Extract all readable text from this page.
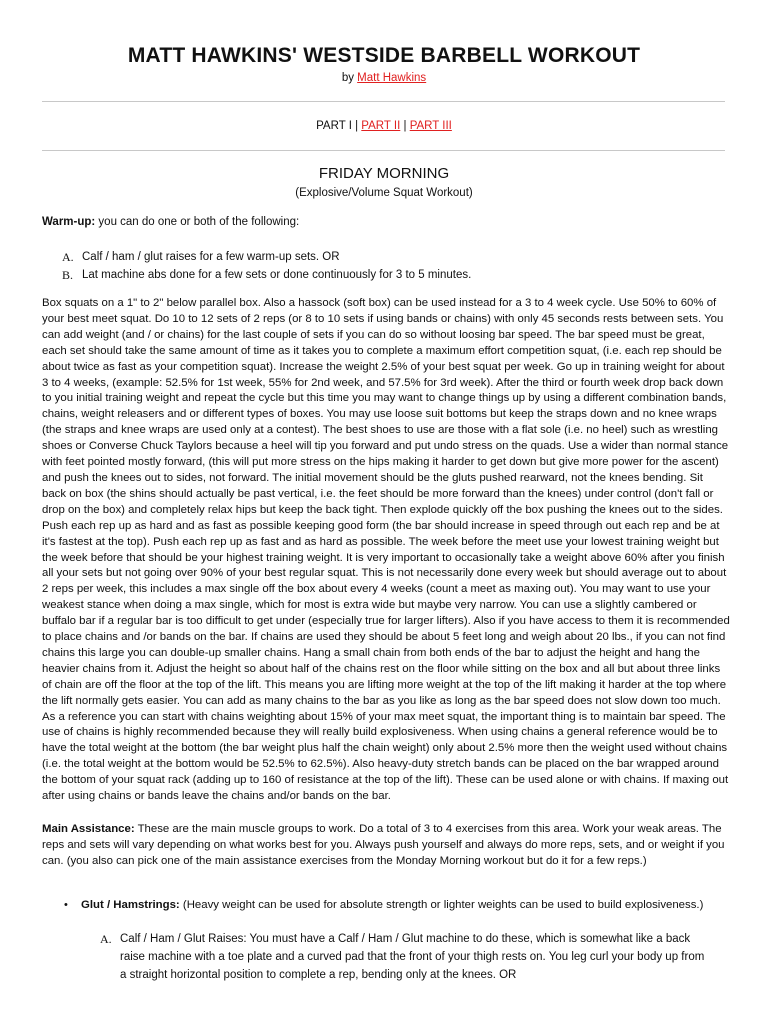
MATT HAWKINS' WESTSIDE BARBELL WORKOUT
by Matt Hawkins
PART I | PART II | PART III
FRIDAY MORNING
(Explosive/Volume Squat Workout)

Warm-up: you can do one or both of the following:

A. Calf / ham / glut raises for a few warm-up sets. OR
B. Lat machine abs done for a few sets or done continuously for 3 to 5 minutes.

Box squats on a 1" to 2" below parallel box. Also a hassock (soft box) can be used instead for a 3 to 4 week cycle. Use 50% to 60% of your best meet squat. Do 10 to 12 sets of 2 reps (or 8 to 10 sets if using bands or chains) with only 45 seconds rests between sets. You can add weight (and / or chains) for the last couple of sets if you can do so without loosing bar speed. The bar speed must be great, each set should take the same amount of time as it takes you to complete a maximum effort competition squat, (i.e. each rep should be about twice as fast as your competition squat). Increase the weight 2.5% of your best squat per week. Go up in training weight for about 3 to 4 weeks, (example: 52.5% for 1st week, 55% for 2nd week, and 57.5% for 3rd week). After the third or fourth week drop back down to you initial training weight and repeat the cycle but this time you may want to change things up by using a different combination bands, chains, weight releasers and or different types of boxes. You may use loose suit bottoms but keep the straps down and no knee wraps (the straps and knee wraps are used only at a contest). The best shoes to use are those with a flat sole (i.e. no heel) such as wrestling shoes or Converse Chuck Taylors because a heel will tip you forward and put undo stress on the quads. Use a wider than normal stance with feet pointed mostly forward, (this will put more stress on the hips making it harder to get down but give more power for the ascent) and push the knees out to sides, not forward. The initial movement should be the gluts pushed rearward, not the knees bending. Sit back on box (the shins should actually be past vertical, i.e. the feet should be more forward than the knees) under control (don't fall or drop on the box) and completely relax hips but keep the back tight. Then explode quickly off the box pushing the knees out to the sides. Push each rep up as hard and as fast as possible keeping good form (the bar should increase in speed through out each rep and be at it's fastest at the top). Push each rep up as fast and as hard as possible. The week before the meet use your lowest training weight but the week before that should be your highest training weight. It is very important to occasionally take a weight above 60% after you finish all your sets but not going over 90% of your best regular squat. This is not necessarily done every week but should average out to about 2 reps per week, this includes a max single off the box about every 4 weeks (count a meet as maxing out). You may want to use your weakest stance when doing a max single, which for most is extra wide but maybe very narrow. You can use a slightly cambered or buffalo bar if a regular bar is too difficult to get under (especially true for larger lifters). Also if you have access to them it is recommended to place chains and /or bands on the bar. If chains are used they should be about 5 feet long and weigh about 20 lbs., if you can not find chains this large you can double-up smaller chains. Hang a small chain from both ends of the bar to adjust the height and hang the heavier chains from it. Adjust the height so about half of the chains rest on the floor while sitting on the box and all but about three links of chain are off the floor at the top of the lift. This means you are lifting more weight at the top of the lift making it harder at the top where the lift normally gets easier. You can add as many chains to the bar as you like as long as the bar speed does not slow down too much. As a reference you can start with chains weighting about 15% of your max meet squat, the important thing is to maintain bar speed. The use of chains is highly recommended because they will really build explosiveness. When using chains a general reference would be to have the total weight at the bottom (the bar weight plus half the chain weight) only about 2.5% more then the weight used without chains (i.e. the total weight at the bottom would be 52.5% to 62.5%). Also heavy-duty stretch bands can be placed on the bar wrapped around the bottom of your squat rack (adding up to 160 of resistance at the top of the lift). These can be used alone or with chains. If maxing out after using chains or bands leave the chains and/or bands on the bar.

Main Assistance: These are the main muscle groups to work. Do a total of 3 to 4 exercises from this area. Work your weak areas. The reps and sets will vary depending on what works best for you. Always push yourself and always do more reps, sets, and or weight if you can. (you also can pick one of the main assistance exercises from the Monday Morning workout but do it for a few reps.)

•	Glut / Hamstrings: (Heavy weight can be used for absolute strength or lighter weights can be used to build explosiveness.)
A. Calf / Ham / Glut Raises: You must have a Calf / Ham / Glut machine to do these, which is somewhat like a back raise machine with a toe plate and a curved pad that the front of your thigh rests on. You leg curl your body up from a straight horizontal position to complete a rep, bending only at the knees. OR
